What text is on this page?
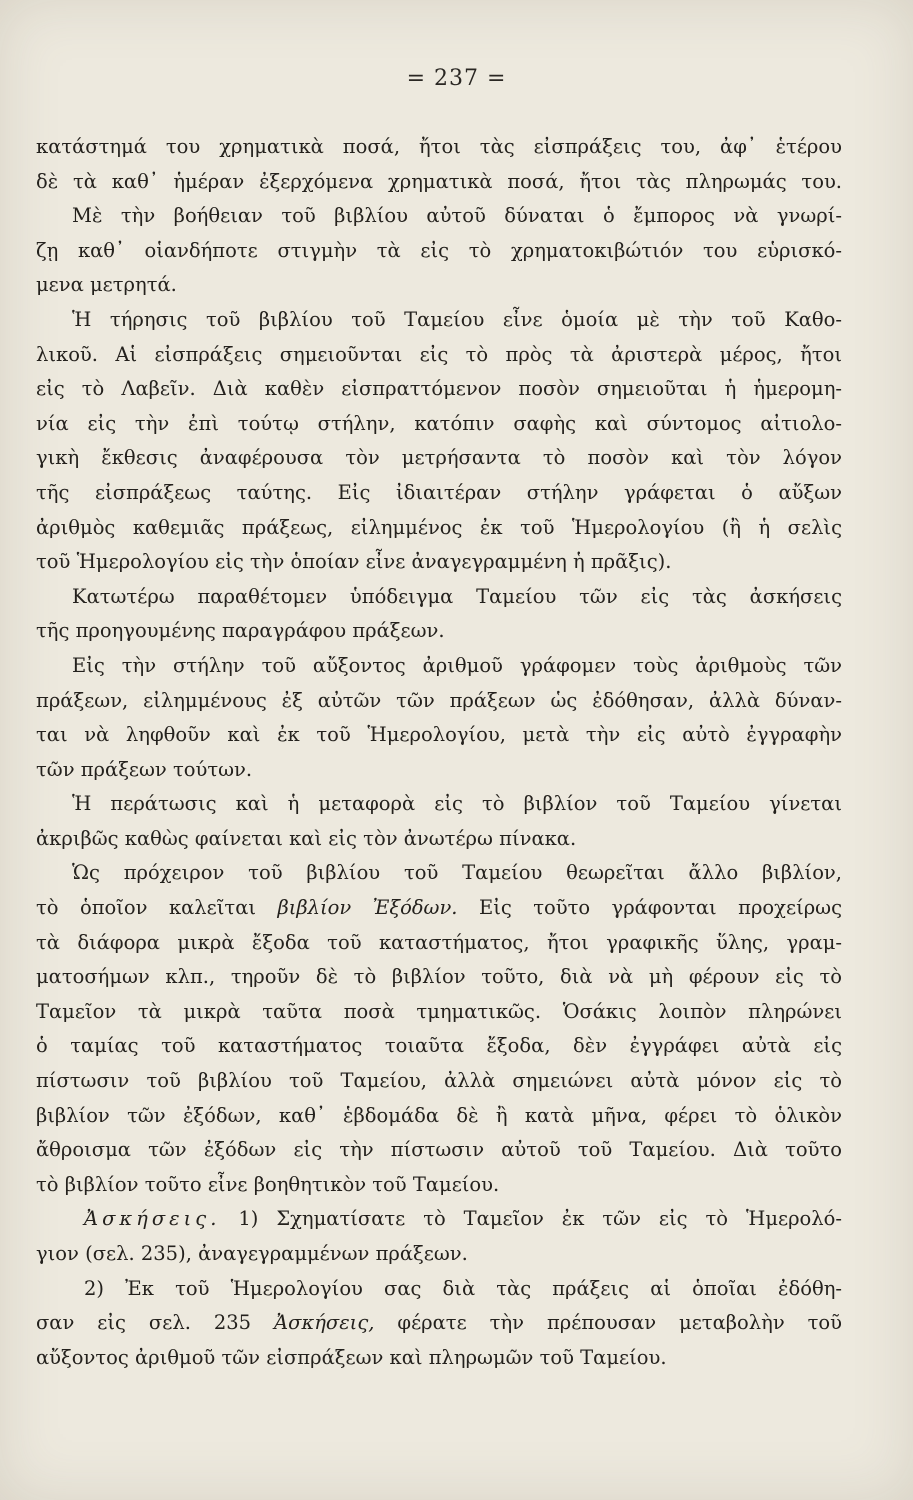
= 237 =
κατάστημά του χρηματικὰ ποσά, ἤτοι τὰς εἰσπράξεις του, ἀφ᾽ ἑτέρου
δὲ τὰ καθ᾽ ἡμέραν ἐξερχόμενα χρηματικὰ ποσά, ἤτοι τὰς πληρωμάς του.
Μὲ τὴν βοήθειαν τοῦ βιβλίου αὐτοῦ δύναται ὁ ἔμπορος νὰ γνωρί-
ζῃ καθ᾽ οἱανδήποτε στιγμὴν τὰ εἰς τὸ χρηματοκιβώτιόν του εὑρισκό-
μενα μετρητά.
Ἡ τήρησις τοῦ βιβλίου τοῦ Ταμείου εἶνε ὁμοία μὲ τὴν τοῦ Καθο-
λικοῦ. Αἱ εἰσπράξεις σημειοῦνται εἰς τὸ πρὸς τὰ ἀριστερὰ μέρος, ἤτοι
εἰς τὸ Λαβεῖν. Διὰ καθὲν εἰσπραττόμενον ποσὸν σημειοῦται ἡ ἡμερομη-
νία εἰς τὴν ἐπὶ τούτῳ στήλην, κατόπιν σαφὴς καὶ σύντομος αἰτιολο-
γικὴ ἔκθεσις ἀναφέρουσα τὸν μετρήσαντα τὸ ποσὸν καὶ τὸν λόγον
τῆς εἰσπράξεως ταύτης. Εἰς ἰδιαιτέραν στήλην γράφεται ὁ αὔξων
ἀριθμὸς καθεμιᾶς πράξεως, εἰλημμένος ἐκ τοῦ Ἡμερολογίου (ἢ ἡ σελὶς
τοῦ Ἡμερολογίου εἰς τὴν ὁποίαν εἶνε ἀναγεγραμμένη ἡ πρᾶξις).
Κατωτέρω παραθέτομεν ὑπόδειγμα Ταμείου τῶν εἰς τὰς ἀσκήσεις
τῆς προηγουμένης παραγράφου πράξεων.
Εἰς τὴν στήλην τοῦ αὔξοντος ἀριθμοῦ γράφομεν τοὺς ἀριθμοὺς τῶν
πράξεων, εἰλημμένους ἐξ αὐτῶν τῶν πράξεων ὡς ἐδόθησαν, ἀλλὰ δύναν-
ται νὰ ληφθοῦν καὶ ἐκ τοῦ Ἡμερολογίου, μετὰ τὴν εἰς αὐτὸ ἐγγραφὴν
τῶν πράξεων τούτων.
Ἡ περάτωσις καὶ ἡ μεταφορὰ εἰς τὸ βιβλίον τοῦ Ταμείου γίνεται
ἀκριβῶς καθὼς φαίνεται καὶ εἰς τὸν ἀνωτέρω πίνακα.
Ὡς πρόχειρον τοῦ βιβλίου τοῦ Ταμείου θεωρεῖται ἄλλο βιβλίον,
τὸ ὁποῖον καλεῖται βιβλίον Ἐξόδων. Εἰς τοῦτο γράφονται προχείρως
τὰ διάφορα μικρὰ ἔξοδα τοῦ καταστήματος, ἤτοι γραφικῆς ὕλης, γραμ-
ματοσήμων κλπ., τηροῦν δὲ τὸ βιβλίον τοῦτο, διὰ νὰ μὴ φέρουν εἰς τὸ
Ταμεῖον τὰ μικρὰ ταῦτα ποσὰ τμηματικῶς. Ὁσάκις λοιπὸν πληρώνει
ὁ ταμίας τοῦ καταστήματος τοιαῦτα ἔξοδα, δὲν ἐγγράφει αὐτὰ εἰς
πίστωσιν τοῦ βιβλίου τοῦ Ταμείου, ἀλλὰ σημειώνει αὐτὰ μόνον εἰς τὸ
βιβλίον τῶν ἐξόδων, καθ᾽ ἑβδομάδα δὲ ἢ κατὰ μῆνα, φέρει τὸ ὁλικὸν
ἄθροισμα τῶν ἐξόδων εἰς τὴν πίστωσιν αὐτοῦ τοῦ Ταμείου. Διὰ τοῦτο
τὸ βιβλίον τοῦτο εἶνε βοηθητικὸν τοῦ Ταμείου.
Ἀσκήσεις. 1) Σχηματίσατε τὸ Ταμεῖον ἐκ τῶν εἰς τὸ Ἡμερολό-
γιον (σελ. 235), ἀναγεγραμμένων πράξεων.
2) Ἐκ τοῦ Ἡμερολογίου σας διὰ τὰς πράξεις αἱ ὁποῖαι ἐδόθη-
σαν εἰς σελ. 235 Ἀσκήσεις, φέρατε τὴν πρέπουσαν μεταβολὴν τοῦ
αὔξοντος ἀριθμοῦ τῶν εἰσπράξεων καὶ πληρωμῶν τοῦ Ταμείου.
